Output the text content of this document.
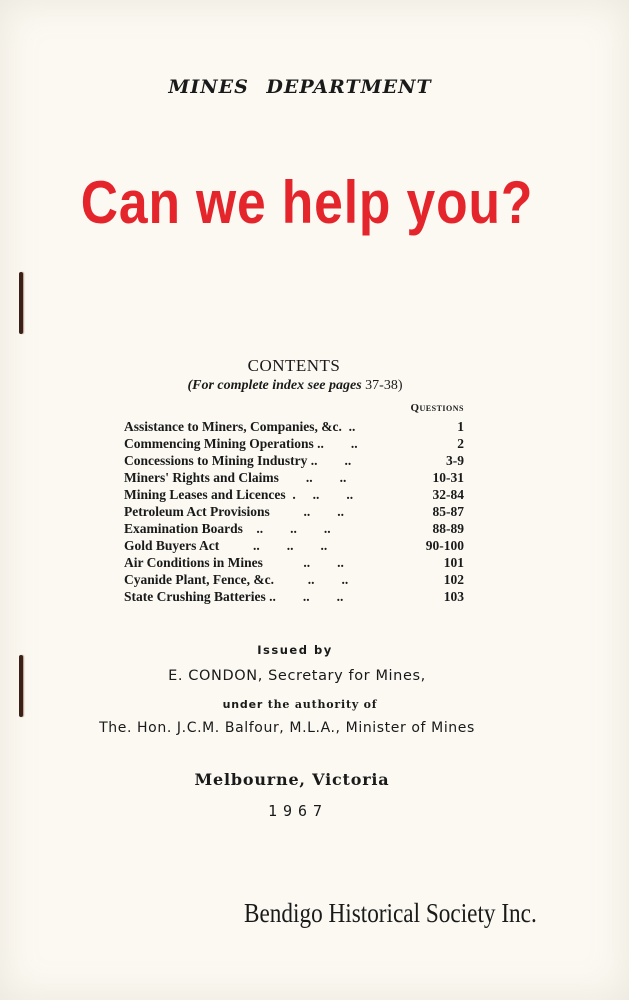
MINES DEPARTMENT
Can we help you?
CONTENTS
(For complete index see pages 37-38)
Questions
Assistance to Miners, Companies, &c. ..	1
Commencing Mining Operations ..        ..	2
Concessions to Mining Industry ..        ..	3-9
Miners' Rights and Claims ..        ..	10-31
Mining Leases and Licences .     ..        ..	32-84
Petroleum Act Provisions ..        ..	85-87
Examination Boards ..        ..        ..	88-89
Gold Buyers Act ..        ..        ..	90-100
Air Conditions in Mines ..        ..	101
Cyanide Plant, Fence, &c. ..        ..	102
State Crushing Batteries ..        ..        ..	103
Issued by
E. CONDON, Secretary for Mines,
under the authority of
The. Hon. J.C.M. Balfour, M.L.A., Minister of Mines
Melbourne, Victoria
1967
Bendigo Historical Society Inc.
